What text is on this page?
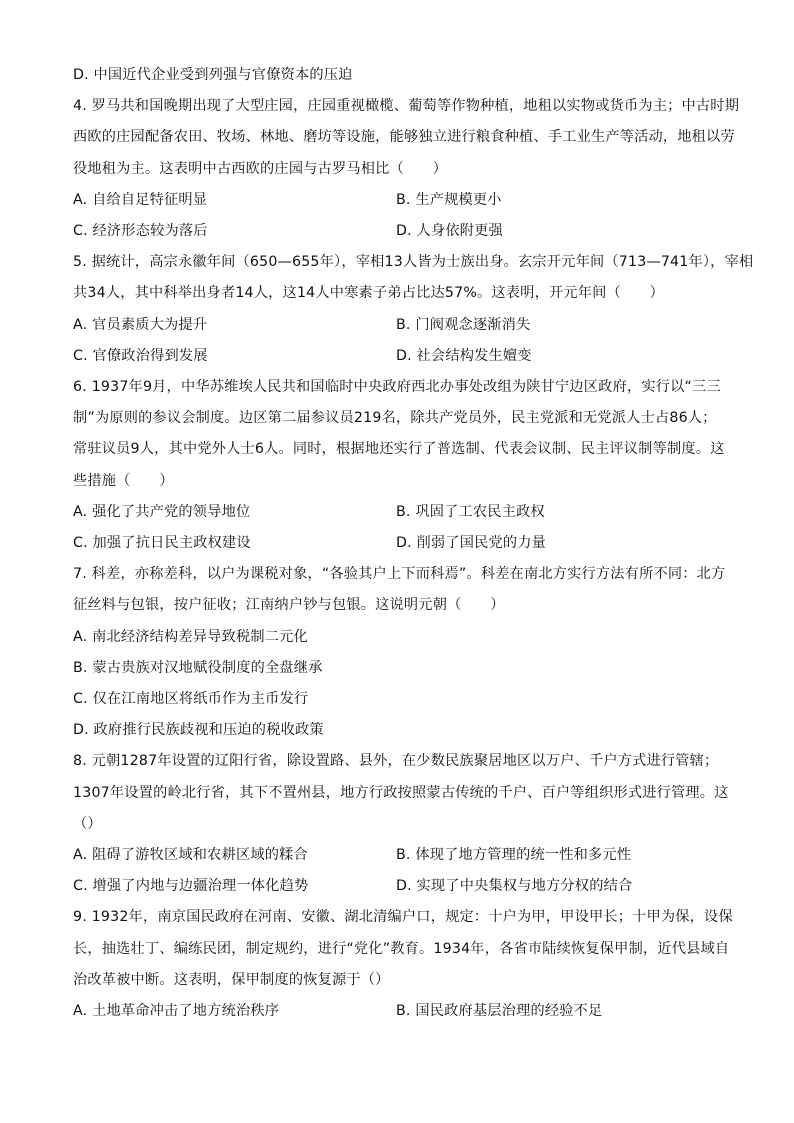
D. 中国近代企业受到列强与官僚资本的压迫
4. 罗马共和国晚期出现了大型庄园，庄园重视橄榄、葡萄等作物种植，地租以实物或货币为主；中古时期
西欧的庄园配备农田、牧场、林地、磨坊等设施，能够独立进行粮食种植、手工业生产等活动，地租以劳
役地租为主。这表明中古西欧的庄园与古罗马相比（　　）
A. 自给自足特征明显	B. 生产规模更小
C. 经济形态较为落后	D. 人身依附更强
5. 据统计，高宗永徽年间（650—655年），宰相13人皆为士族出身。玄宗开元年间（713—741年），宰相
共34人，其中科举出身者14人，这14人中寒素子弟占比达57%。这表明，开元年间（　　）
A. 官员素质大为提升	B. 门阀观念逐渐消失
C. 官僚政治得到发展	D. 社会结构发生嬗变
6. 1937年9月，中华苏维埃人民共和国临时中央政府西北办事处改组为陕甘宁边区政府，实行以“三三
制”为原则的参议会制度。边区第二届参议员219名，除共产党员外，民主党派和无党派人士占86人；
常驻议员9人，其中党外人士6人。同时，根据地还实行了普选制、代表会议制、民主评议制等制度。这
些措施（　　）
A. 强化了共产党的领导地位	B. 巩固了工农民主政权
C. 加强了抗日民主政权建设	D. 削弱了国民党的力量
7. 科差，亦称差科，以户为课税对象，“各验其户上下而科焉”。科差在南北方实行方法有所不同：北方
征丝料与包银，按户征收；江南纳户钞与包银。这说明元朝（　　）
A. 南北经济结构差异导致税制二元化
B. 蒙古贵族对汉地赋役制度的全盘继承
C. 仅在江南地区将纸币作为主币发行
D. 政府推行民族歧视和压迫的税收政策
8. 元朝1287年设置的辽阳行省，除设置路、县外，在少数民族聚居地区以万户、千户方式进行管辖；
1307年设置的岭北行省，其下不置州县，地方行政按照蒙古传统的千户、百户等组织形式进行管理。这
（）
A. 阻碍了游牧区域和农耕区域的糅合	B. 体现了地方管理的统一性和多元性
C. 增强了内地与边疆治理一体化趋势	D. 实现了中央集权与地方分权的结合
9. 1932年，南京国民政府在河南、安徽、湖北清编户口，规定：十户为甲，甲设甲长；十甲为保，设保
长，抽选壮丁、编练民团，制定规约，进行“党化”教育。1934年，各省市陆续恢复保甲制，近代县域自
治改革被中断。这表明，保甲制度的恢复源于（）
A. 土地革命冲击了地方统治秩序	B. 国民政府基层治理的经验不足
